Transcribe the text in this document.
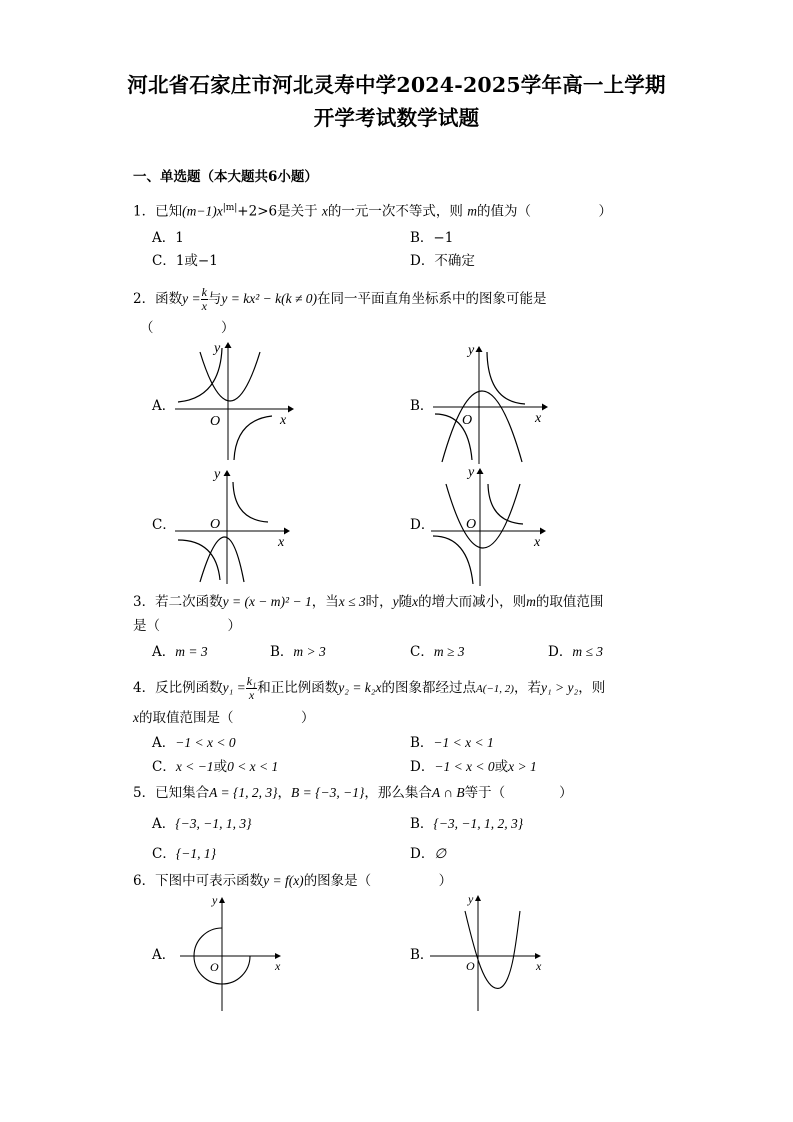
河北省石家庄市河北灵寿中学2024-2025学年高一上学期
开学考试数学试题
一、单选题（本大题共6小题）
1．已知$(m-1)x^{|m|}+2>6$是关于 x的一元一次不等式，则 m的值为（　　　　　）
A．1	B．−1
C．1或−1	D．不确定
2．函数$y = \frac{k}{x}$ 与y = kx² − k(k ≠ 0)在同一平面直角坐标系中的图象可能是
（　　　　　）
A．
y
x
O
B．
y
x
O
C．
y
x
O	D．
y
x
O
3．若二次函数y = (x − m)² − 1，当x ≤ 3时，y随x的增大而减小，则m的取值范围
是（　　　　　）
A．m = 3	B．m > 3	C．m ≥ 3	D．m ≤ 3
4．反比例函数$y_1 = \frac{\text{k₁}}{x}$ 和正比例函数y₂ = k₂x的图象都经过点A(−1, 2)，若y₁ > y₂，则
x的取值范围是（　　　　　）
A．−1 < x < 0	B．−1 < x < 1
C．x < −1或0 < x < 1	D．−1 < x < 0或x > 1
5．已知集合A = {1, 2, 3}，B = {−3, −1}，那么集合A ∩ B等于（　　　　）
A．{−3, −1, 1, 3}	B．{−3, −1, 1, 2, 3}
C．{−1, 1}	D．∅
6．下图中可表示函数y = f(x)的图象是（　　　　　）
A．
y
x
O
B．
y
x
O
